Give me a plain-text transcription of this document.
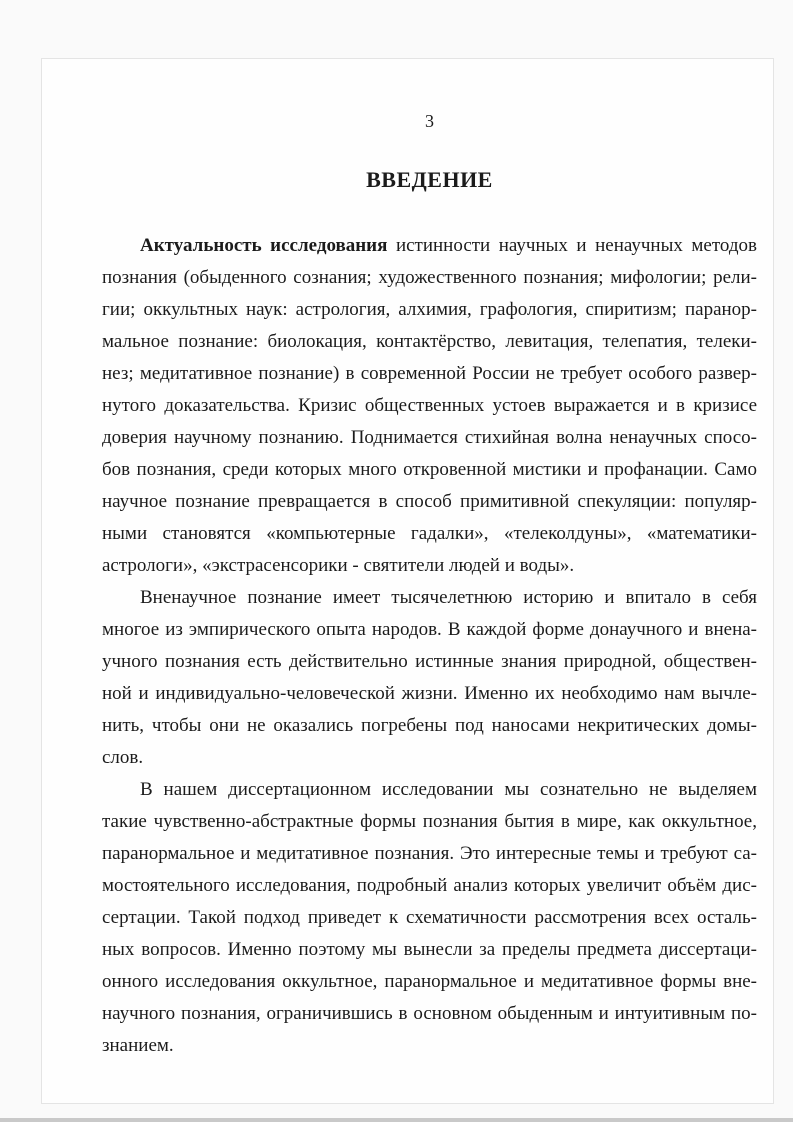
3
ВВЕДЕНИЕ
Актуальность исследования истинности научных и ненаучных методов
познания (обыденного сознания; художественного познания; мифологии; рели-
гии; оккультных наук: астрология, алхимия, графология, спиритизм; паранор-
мальное познание: биолокация, контактёрство, левитация, телепатия, телеки-
нез; медитативное познание) в современной России не требует особого развер-
нутого доказательства. Кризис общественных устоев выражается и в кризисе
доверия научному познанию. Поднимается стихийная волна ненаучных спосо-
бов познания, среди которых много откровенной мистики и профанации. Само
научное познание превращается в способ примитивной спекуляции: популяр-
ными становятся «компьютерные гадалки», «телеколдуны», «математики-
астрологи», «экстрасенсорики - святители людей и воды».
Вненаучное познание имеет тысячелетнюю историю и впитало в себя
многое из эмпирического опыта народов. В каждой форме донаучного и внена-
учного познания есть действительно истинные знания природной, обществен-
ной и индивидуально-человеческой жизни. Именно их необходимо нам вычле-
нить, чтобы они не оказались погребены под наносами некритических домы-
слов.
В нашем диссертационном исследовании мы сознательно не выделяем
такие чувственно-абстрактные формы познания бытия в мире, как оккультное,
паранормальное и медитативное познания. Это интересные темы и требуют са-
мостоятельного исследования, подробный анализ которых увеличит объём дис-
сертации. Такой подход приведет к схематичности рассмотрения всех осталь-
ных вопросов. Именно поэтому мы вынесли за пределы предмета диссертаци-
онного исследования оккультное, паранормальное и медитативное формы вне-
научного познания, ограничившись в основном обыденным и интуитивным по-
знанием.
